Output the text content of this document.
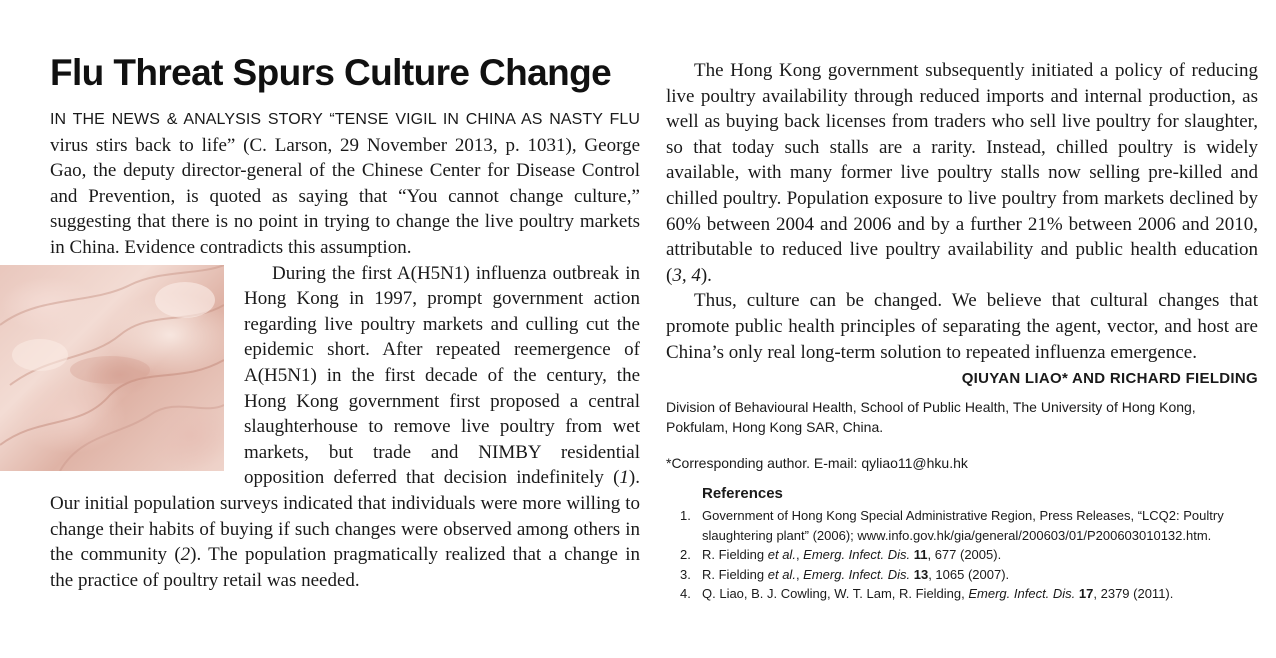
Flu Threat Spurs Culture Change

IN THE NEWS & ANALYSIS STORY “TENSE VIGIL IN CHINA AS NASTY FLU virus stirs back to life” (C. Larson, 29 November 2013, p. 1031), George Gao, the deputy director-general of the Chinese Center for Disease Control and Prevention, is quoted as saying that “You cannot change culture,” suggesting that there is no point in trying to change the live poultry markets in China. Evidence contradicts this assumption.

During the first A(H5N1) influenza outbreak in Hong Kong in 1997, prompt government action regarding live poultry markets and culling cut the epidemic short. After repeated reemergence of A(H5N1) in the first decade of the century, the Hong Kong government first proposed a central slaughterhouse to remove live poultry from wet markets, but trade and NIMBY residential opposition deferred that decision indefinitely (1). Our initial population surveys indicated that individuals were more willing to change their habits of buying if such changes were observed among others in the community (2). The population pragmatically realized that a change in the practice of poultry retail was needed.

The Hong Kong government subsequently initiated a policy of reducing live poultry availability through reduced imports and internal production, as well as buying back licenses from traders who sell live poultry for slaughter, so that today such stalls are a rarity. Instead, chilled poultry is widely available, with many former live poultry stalls now selling pre-killed and chilled poultry. Population exposure to live poultry from markets declined by 60% between 2004 and 2006 and by a further 21% between 2006 and 2010, attributable to reduced live poultry availability and public health education (3, 4).

Thus, culture can be changed. We believe that cultural changes that promote public health principles of separating the agent, vector, and host are China’s only real long-term solution to repeated influenza emergence.

QIUYAN LIAO* AND RICHARD FIELDING

Division of Behavioural Health, School of Public Health, The University of Hong Kong, Pokfulam, Hong Kong SAR, China.

*Corresponding author. E-mail: qyliao11@hku.hk

References
1. Government of Hong Kong Special Administrative Region, Press Releases, “LCQ2: Poultry slaughtering plant” (2006); www.info.gov.hk/gia/general/200603/01/P200603010132.htm.
2. R. Fielding et al., Emerg. Infect. Dis. 11, 677 (2005).
3. R. Fielding et al., Emerg. Infect. Dis. 13, 1065 (2007).
4. Q. Liao, B. J. Cowling, W. T. Lam, R. Fielding, Emerg. Infect. Dis. 17, 2379 (2011).
